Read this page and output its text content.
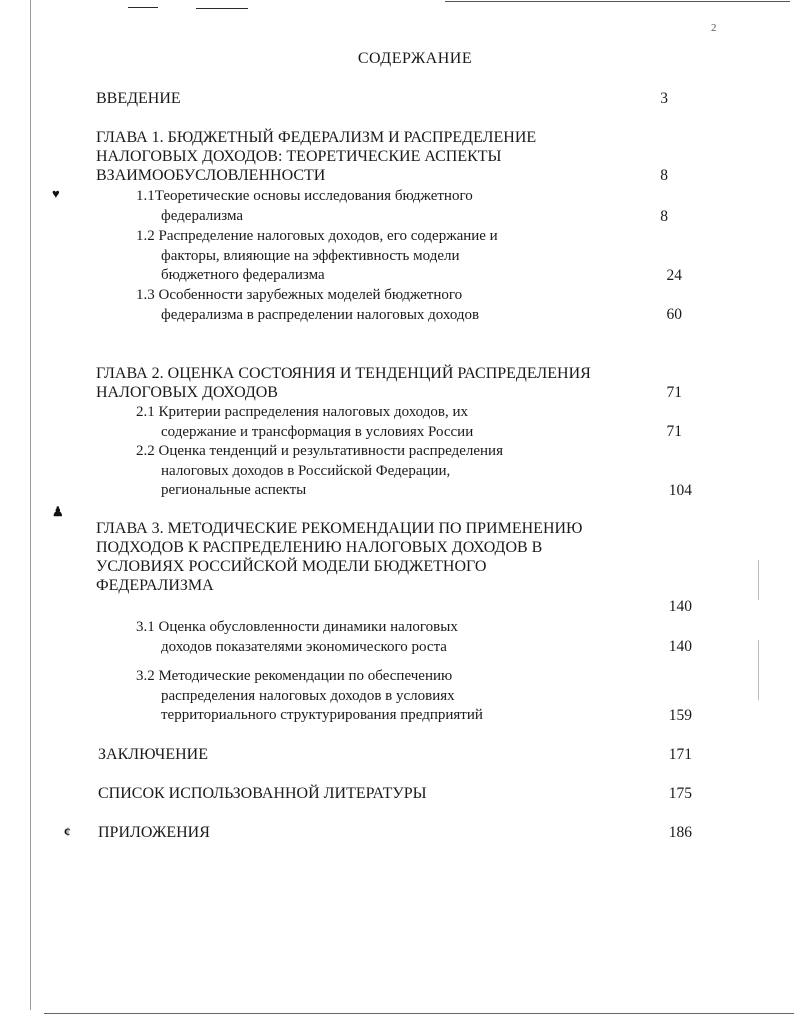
♥
♟
¢
2
СОДЕРЖАНИЕ
ВВЕДЕНИЕ	3
ГЛАВА 1. БЮДЖЕТНЫЙ ФЕДЕРАЛИЗМ И РАСПРЕДЕЛЕНИЕ
НАЛОГОВЫХ ДОХОДОВ: ТЕОРЕТИЧЕСКИЕ АСПЕКТЫ
ВЗАИМООБУСЛОВЛЕННОСТИ	8
1.1Теоретические основы исследования бюджетного
федерализма	8
1.2 Распределение налоговых доходов, его содержание и
факторы, влияющие на эффективность модели
бюджетного федерализма	24
1.3 Особенности зарубежных моделей бюджетного
федерализма в распределении налоговых доходов	60
ГЛАВА 2. ОЦЕНКА СОСТОЯНИЯ И ТЕНДЕНЦИЙ РАСПРЕДЕЛЕНИЯ
НАЛОГОВЫХ ДОХОДОВ	71
2.1 Критерии распределения налоговых доходов, их
содержание и трансформация в условиях России	71
2.2 Оценка тенденций и результативности распределения
налоговых доходов в Российской Федерации,
региональные аспекты	104
ГЛАВА 3. МЕТОДИЧЕСКИЕ РЕКОМЕНДАЦИИ ПО ПРИМЕНЕНИЮ
ПОДХОДОВ К РАСПРЕДЕЛЕНИЮ НАЛОГОВЫХ ДОХОДОВ В
УСЛОВИЯХ РОССИЙСКОЙ МОДЕЛИ БЮДЖЕТНОГО
ФЕДЕРАЛИЗМА
140
3.1 Оценка обусловленности динамики налоговых
доходов показателями экономического роста	140
3.2 Методические рекомендации по обеспечению
распределения налоговых доходов в условиях
территориального структурирования предприятий	159
ЗАКЛЮЧЕНИЕ	171
СПИСОК ИСПОЛЬЗОВАННОЙ ЛИТЕРАТУРЫ	175
ПРИЛОЖЕНИЯ	186
